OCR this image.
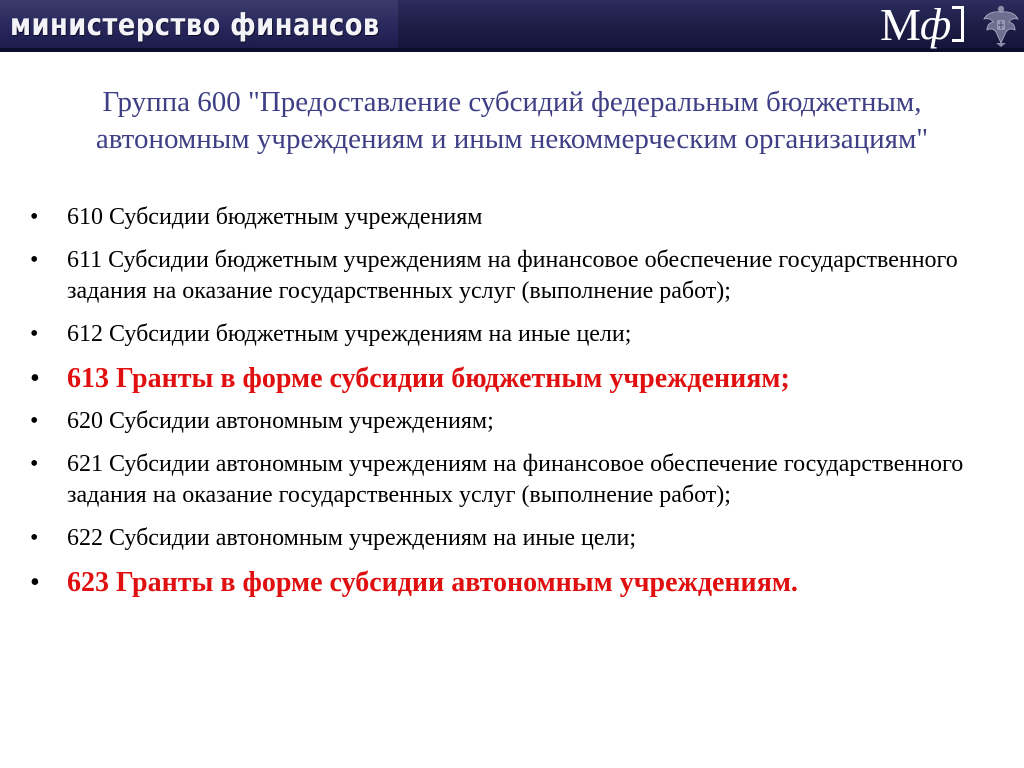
министерство финансов	М ф
Группа 600 "Предоставление субсидий федеральным бюджетным,
автономным учреждениям и иным некоммерческим организациям"
•	610 Субсидии бюджетным учреждениям
•	611 Субсидии бюджетным учреждениям на финансовое обеспечение государственного задания на оказание государственных услуг (выполнение работ);
•	612 Субсидии бюджетным учреждениям на иные цели;
• 613 Гранты в форме субсидии бюджетным учреждениям;
•	620 Субсидии автономным учреждениям;
•	621 Субсидии автономным учреждениям на финансовое обеспечение государственного задания на оказание государственных услуг (выполнение работ);
•	622 Субсидии автономным учреждениям на иные цели;
• 623 Гранты в форме субсидии автономным учреждениям.
